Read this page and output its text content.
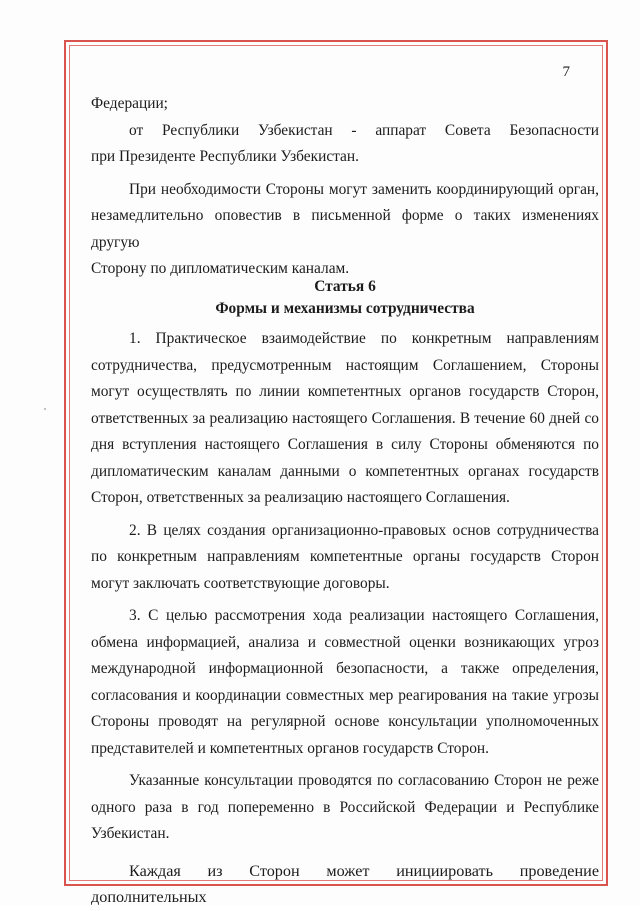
7

Федерации;

от Республики Узбекистан - аппарат Совета Безопасности

при Президенте Республики Узбекистан.

При необходимости Стороны могут заменить координирующий орган,

незамедлительно оповестив в письменной форме о таких изменениях другую

Сторону по дипломатическим каналам.

Статья 6

Формы и механизмы сотрудничества

1. Практическое взаимодействие по конкретным направлениям сотрудничества, предусмотренным настоящим Соглашением, Стороны могут осуществлять по линии компетентных органов государств Сторон, ответственных за реализацию настоящего Соглашения. В течение 60 дней со дня вступления настоящего Соглашения в силу Стороны обменяются по дипломатическим каналам данными о компетентных органах государств Сторон, ответственных за реализацию настоящего Соглашения.

2. В целях создания организационно-правовых основ сотрудничества по конкретным направлениям компетентные органы государств Сторон могут заключать соответствующие договоры.

3. С целью рассмотрения хода реализации настоящего Соглашения, обмена информацией, анализа и совместной оценки возникающих угроз международной информационной безопасности, а также определения, согласования и координации совместных мер реагирования на такие угрозы Стороны проводят на регулярной основе консультации уполномоченных представителей и компетентных органов государств Сторон.

Указанные консультации проводятся по согласованию Сторон не реже одного раза в год попеременно в Российской Федерации и Республике Узбекистан.

Каждая из Сторон может инициировать проведение дополнительных
